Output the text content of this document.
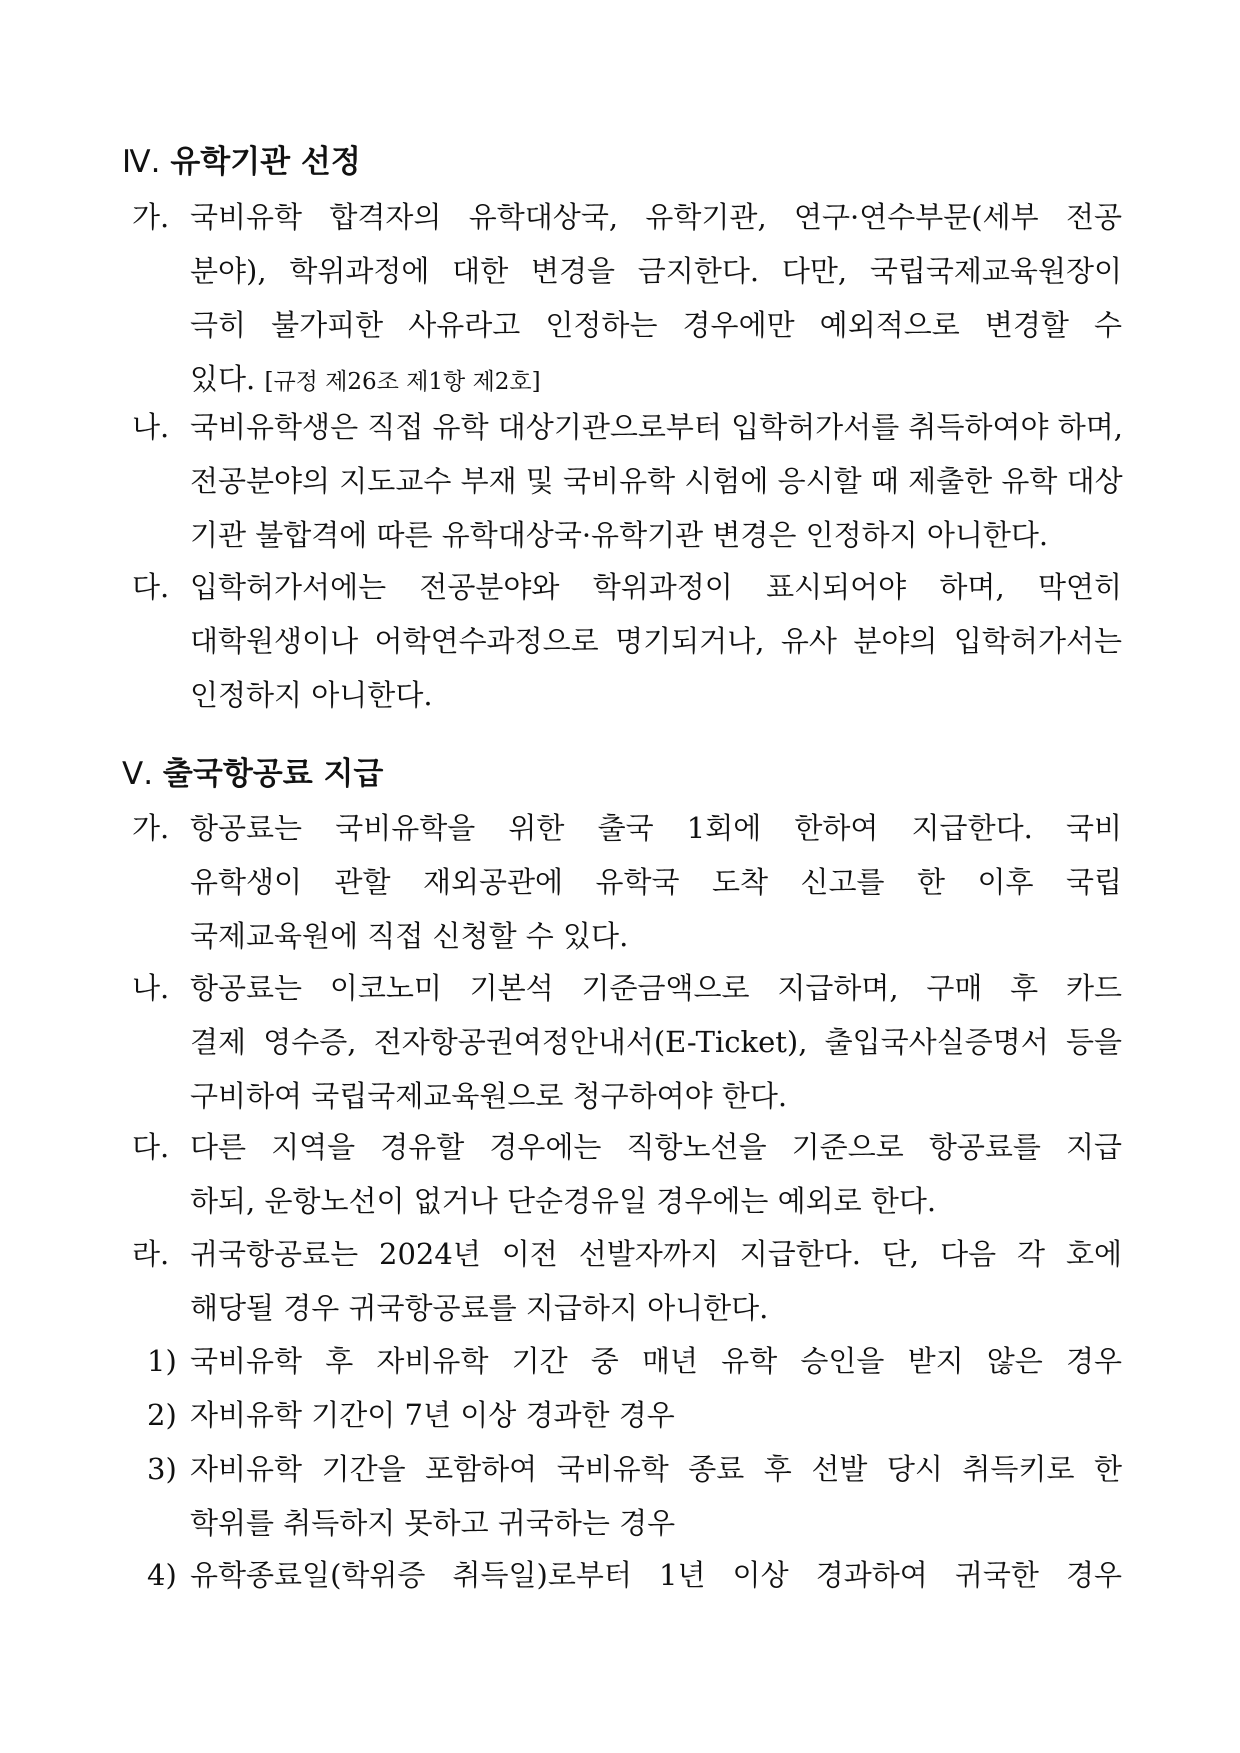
Ⅳ. 유학기관 선정
가. 국비유학 합격자의 유학대상국, 유학기관, 연구·연수부문(세부 전공
분야), 학위과정에 대한 변경을 금지한다. 다만, 국립국제교육원장이
극히 불가피한 사유라고 인정하는 경우에만 예외적으로 변경할 수
있다. [규정 제26조 제1항 제2호]
나. 국비유학생은 직접 유학 대상기관으로부터 입학허가서를 취득하여야 하며,
전공분야의 지도교수 부재 및 국비유학 시험에 응시할 때 제출한 유학 대상
기관 불합격에 따른 유학대상국·유학기관 변경은 인정하지 아니한다.
다. 입학허가서에는 전공분야와 학위과정이 표시되어야 하며, 막연히
대학원생이나 어학연수과정으로 명기되거나, 유사 분야의 입학허가서는
인정하지 아니한다.
Ⅴ. 출국항공료 지급
가. 항공료는 국비유학을 위한 출국 1회에 한하여 지급한다. 국비
유학생이 관할 재외공관에 유학국 도착 신고를 한 이후 국립
국제교육원에 직접 신청할 수 있다.
나. 항공료는 이코노미 기본석 기준금액으로 지급하며, 구매 후 카드
결제 영수증, 전자항공권여정안내서(E-Ticket), 출입국사실증명서 등을
구비하여 국립국제교육원으로 청구하여야 한다.
다. 다른 지역을 경유할 경우에는 직항노선을 기준으로 항공료를 지급
하되, 운항노선이 없거나 단순경유일 경우에는 예외로 한다.
라. 귀국항공료는 2024년 이전 선발자까지 지급한다. 단, 다음 각 호에
해당될 경우 귀국항공료를 지급하지 아니한다.
1) 국비유학 후 자비유학 기간 중 매년 유학 승인을 받지 않은 경우
2) 자비유학 기간이 7년 이상 경과한 경우
3) 자비유학 기간을 포함하여 국비유학 종료 후 선발 당시 취득키로 한
학위를 취득하지 못하고 귀국하는 경우
4) 유학종료일(학위증 취득일)로부터 1년 이상 경과하여 귀국한 경우
